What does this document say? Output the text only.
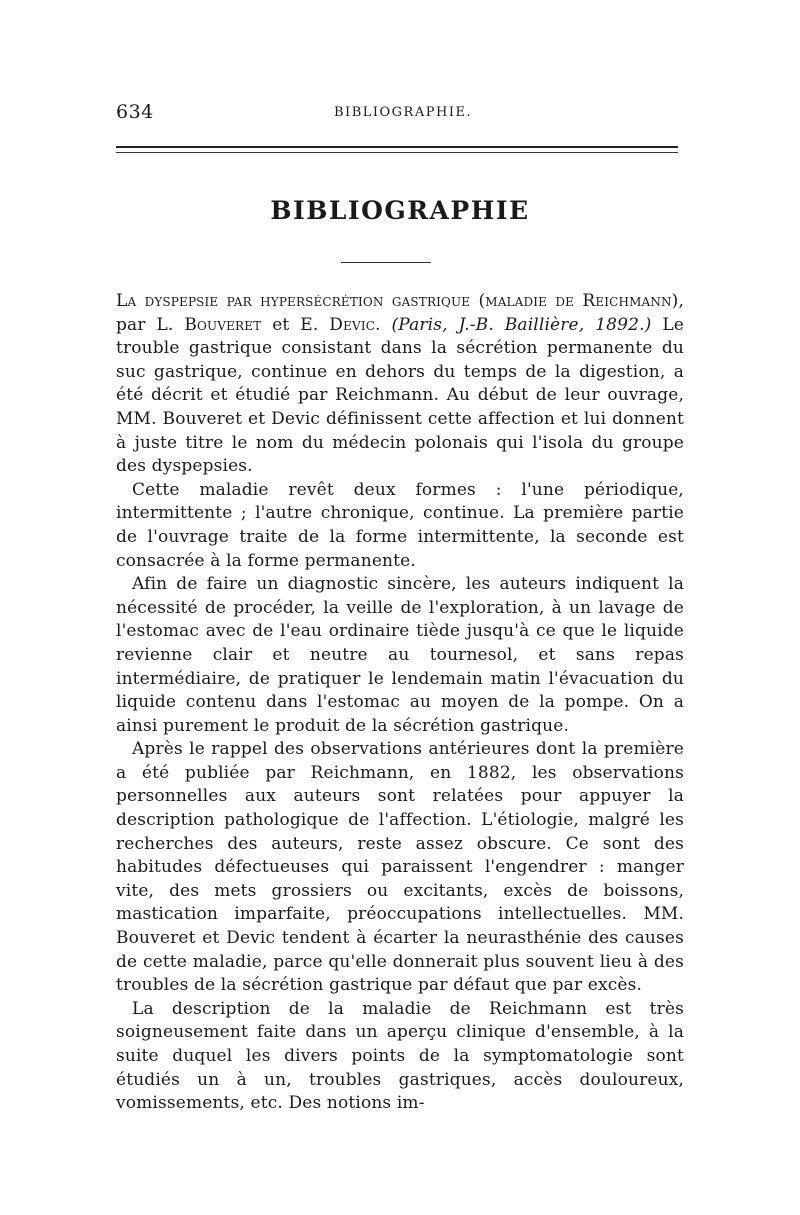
634	BIBLIOGRAPHIE.
BIBLIOGRAPHIE

La dyspepsie par hypersécrétion gastrique (maladie de Reichmann), par L. Bouveret et E. Devic. (Paris, J.-B. Baillière, 1892.) Le trouble gastrique consistant dans la sécrétion permanente du suc gastrique, continue en dehors du temps de la digestion, a été décrit et étudié par Reichmann. Au début de leur ouvrage, MM. Bouveret et Devic définissent cette affection et lui donnent à juste titre le nom du médecin polonais qui l'isola du groupe des dyspepsies.

Cette maladie revêt deux formes : l'une périodique, intermittente ; l'autre chronique, continue. La première partie de l'ouvrage traite de la forme intermittente, la seconde est consacrée à la forme permanente.

Afin de faire un diagnostic sincère, les auteurs indiquent la nécessité de procéder, la veille de l'exploration, à un lavage de l'estomac avec de l'eau ordinaire tiède jusqu'à ce que le liquide revienne clair et neutre au tournesol, et sans repas intermédiaire, de pratiquer le lendemain matin l'évacuation du liquide contenu dans l'estomac au moyen de la pompe. On a ainsi purement le produit de la sécrétion gastrique.

Après le rappel des observations antérieures dont la première a été publiée par Reichmann, en 1882, les observations personnelles aux auteurs sont relatées pour appuyer la description pathologique de l'affection. L'étiologie, malgré les recherches des auteurs, reste assez obscure. Ce sont des habitudes défectueuses qui paraissent l'engendrer : manger vite, des mets grossiers ou excitants, excès de boissons, mastication imparfaite, préoccupations intellectuelles. MM. Bouveret et Devic tendent à écarter la neurasthénie des causes de cette maladie, parce qu'elle donnerait plus souvent lieu à des troubles de la sécrétion gastrique par défaut que par excès.

La description de la maladie de Reichmann est très soigneusement faite dans un aperçu clinique d'ensemble, à la suite duquel les divers points de la symptomatologie sont étudiés un à un, troubles gastriques, accès douloureux, vomissements, etc. Des notions im-
